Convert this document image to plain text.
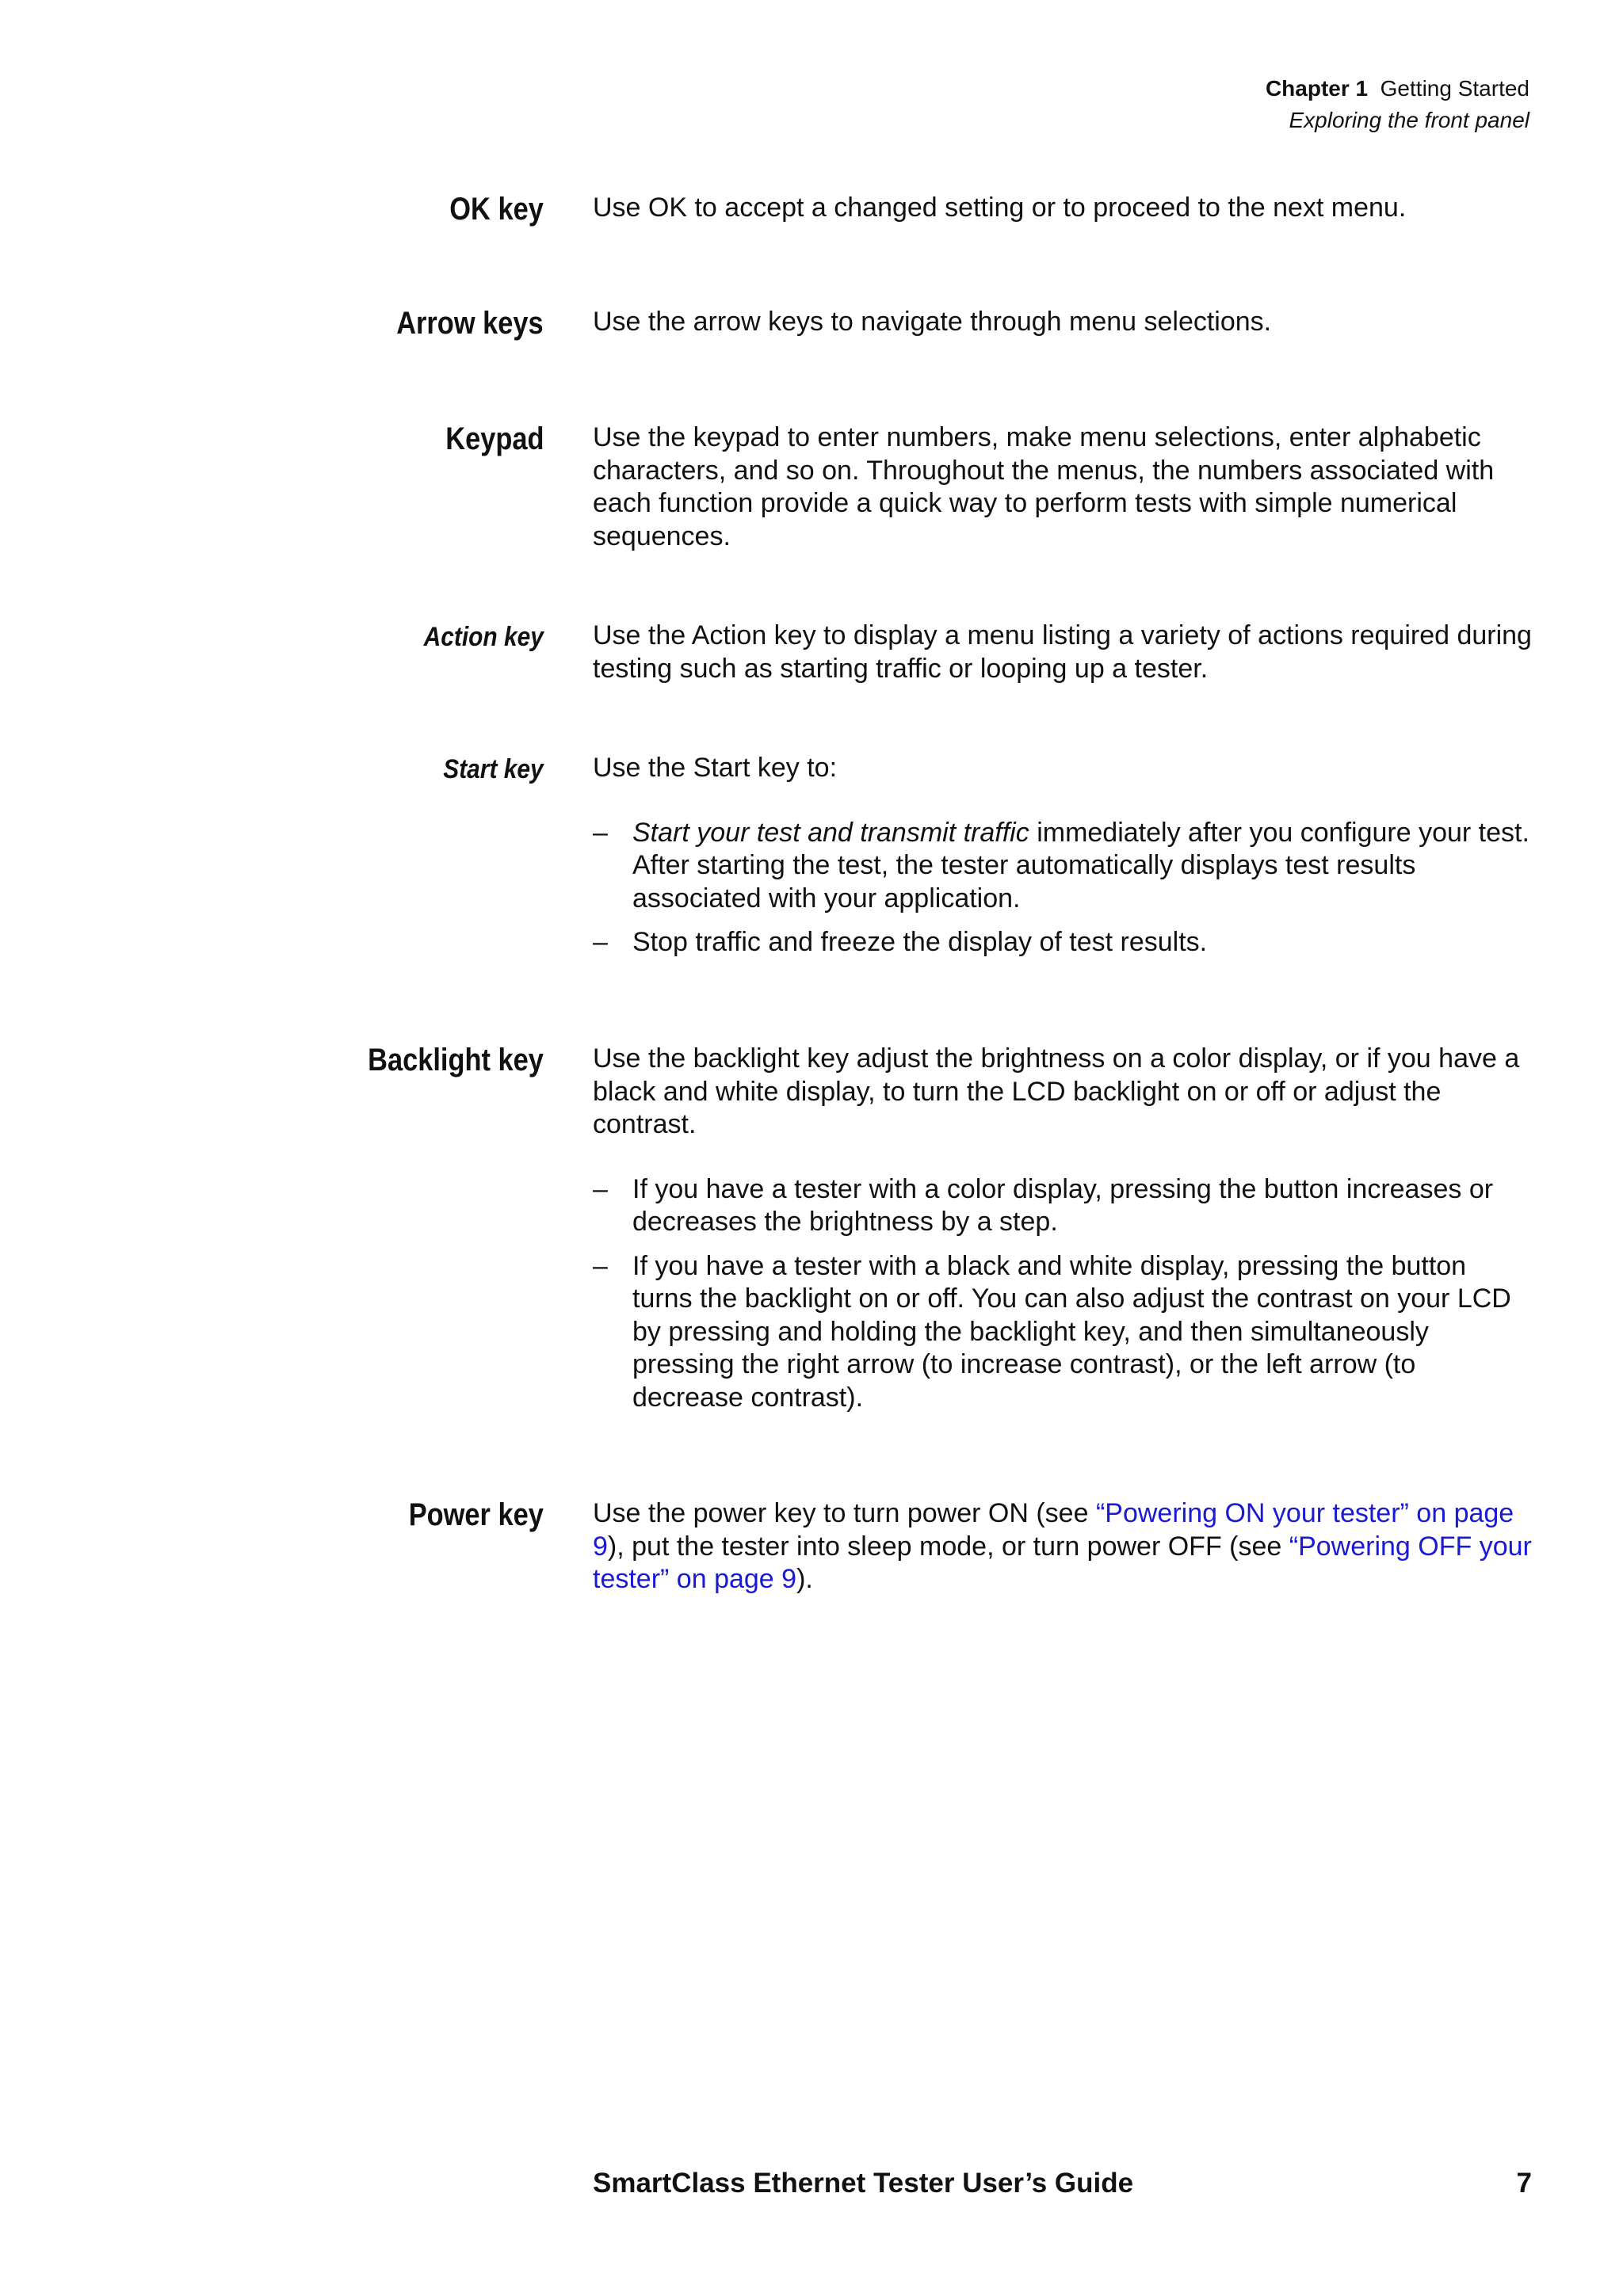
Chapter 1 Getting Started
Exploring the front panel
OK key Use OK to accept a changed setting or to proceed to the next menu.

Arrow keys Use the arrow keys to navigate through menu selections.

Keypad Use the keypad to enter numbers, make menu selections, enter alphabetic characters, and so on. Throughout the menus, the numbers associated with each function provide a quick way to perform tests with simple numerical sequences.

Action key Use the Action key to display a menu listing a variety of actions required during testing such as starting traffic or looping up a tester.

Start key Use the Start key to:

– Start your test and transmit traffic immediately after you configure your test. After starting the test, the tester automatically displays test results associated with your application.
– Stop traffic and freeze the display of test results.
Backlight key Use the backlight key adjust the brightness on a color display, or if you have a black and white display, to turn the LCD backlight on or off or adjust the contrast.

– If you have a tester with a color display, pressing the button increases or decreases the brightness by a step.
– If you have a tester with a black and white display, pressing the button turns the backlight on or off. You can also adjust the contrast on your LCD by pressing and holding the backlight key, and then simultaneously pressing the right arrow (to increase contrast), or the left arrow (to decrease contrast).
Power key Use the power key to turn power ON (see “Powering ON your tester” on page 9), put the tester into sleep mode, or turn power OFF (see “Powering OFF your tester” on page 9).

SmartClass Ethernet Tester User’s Guide	7
